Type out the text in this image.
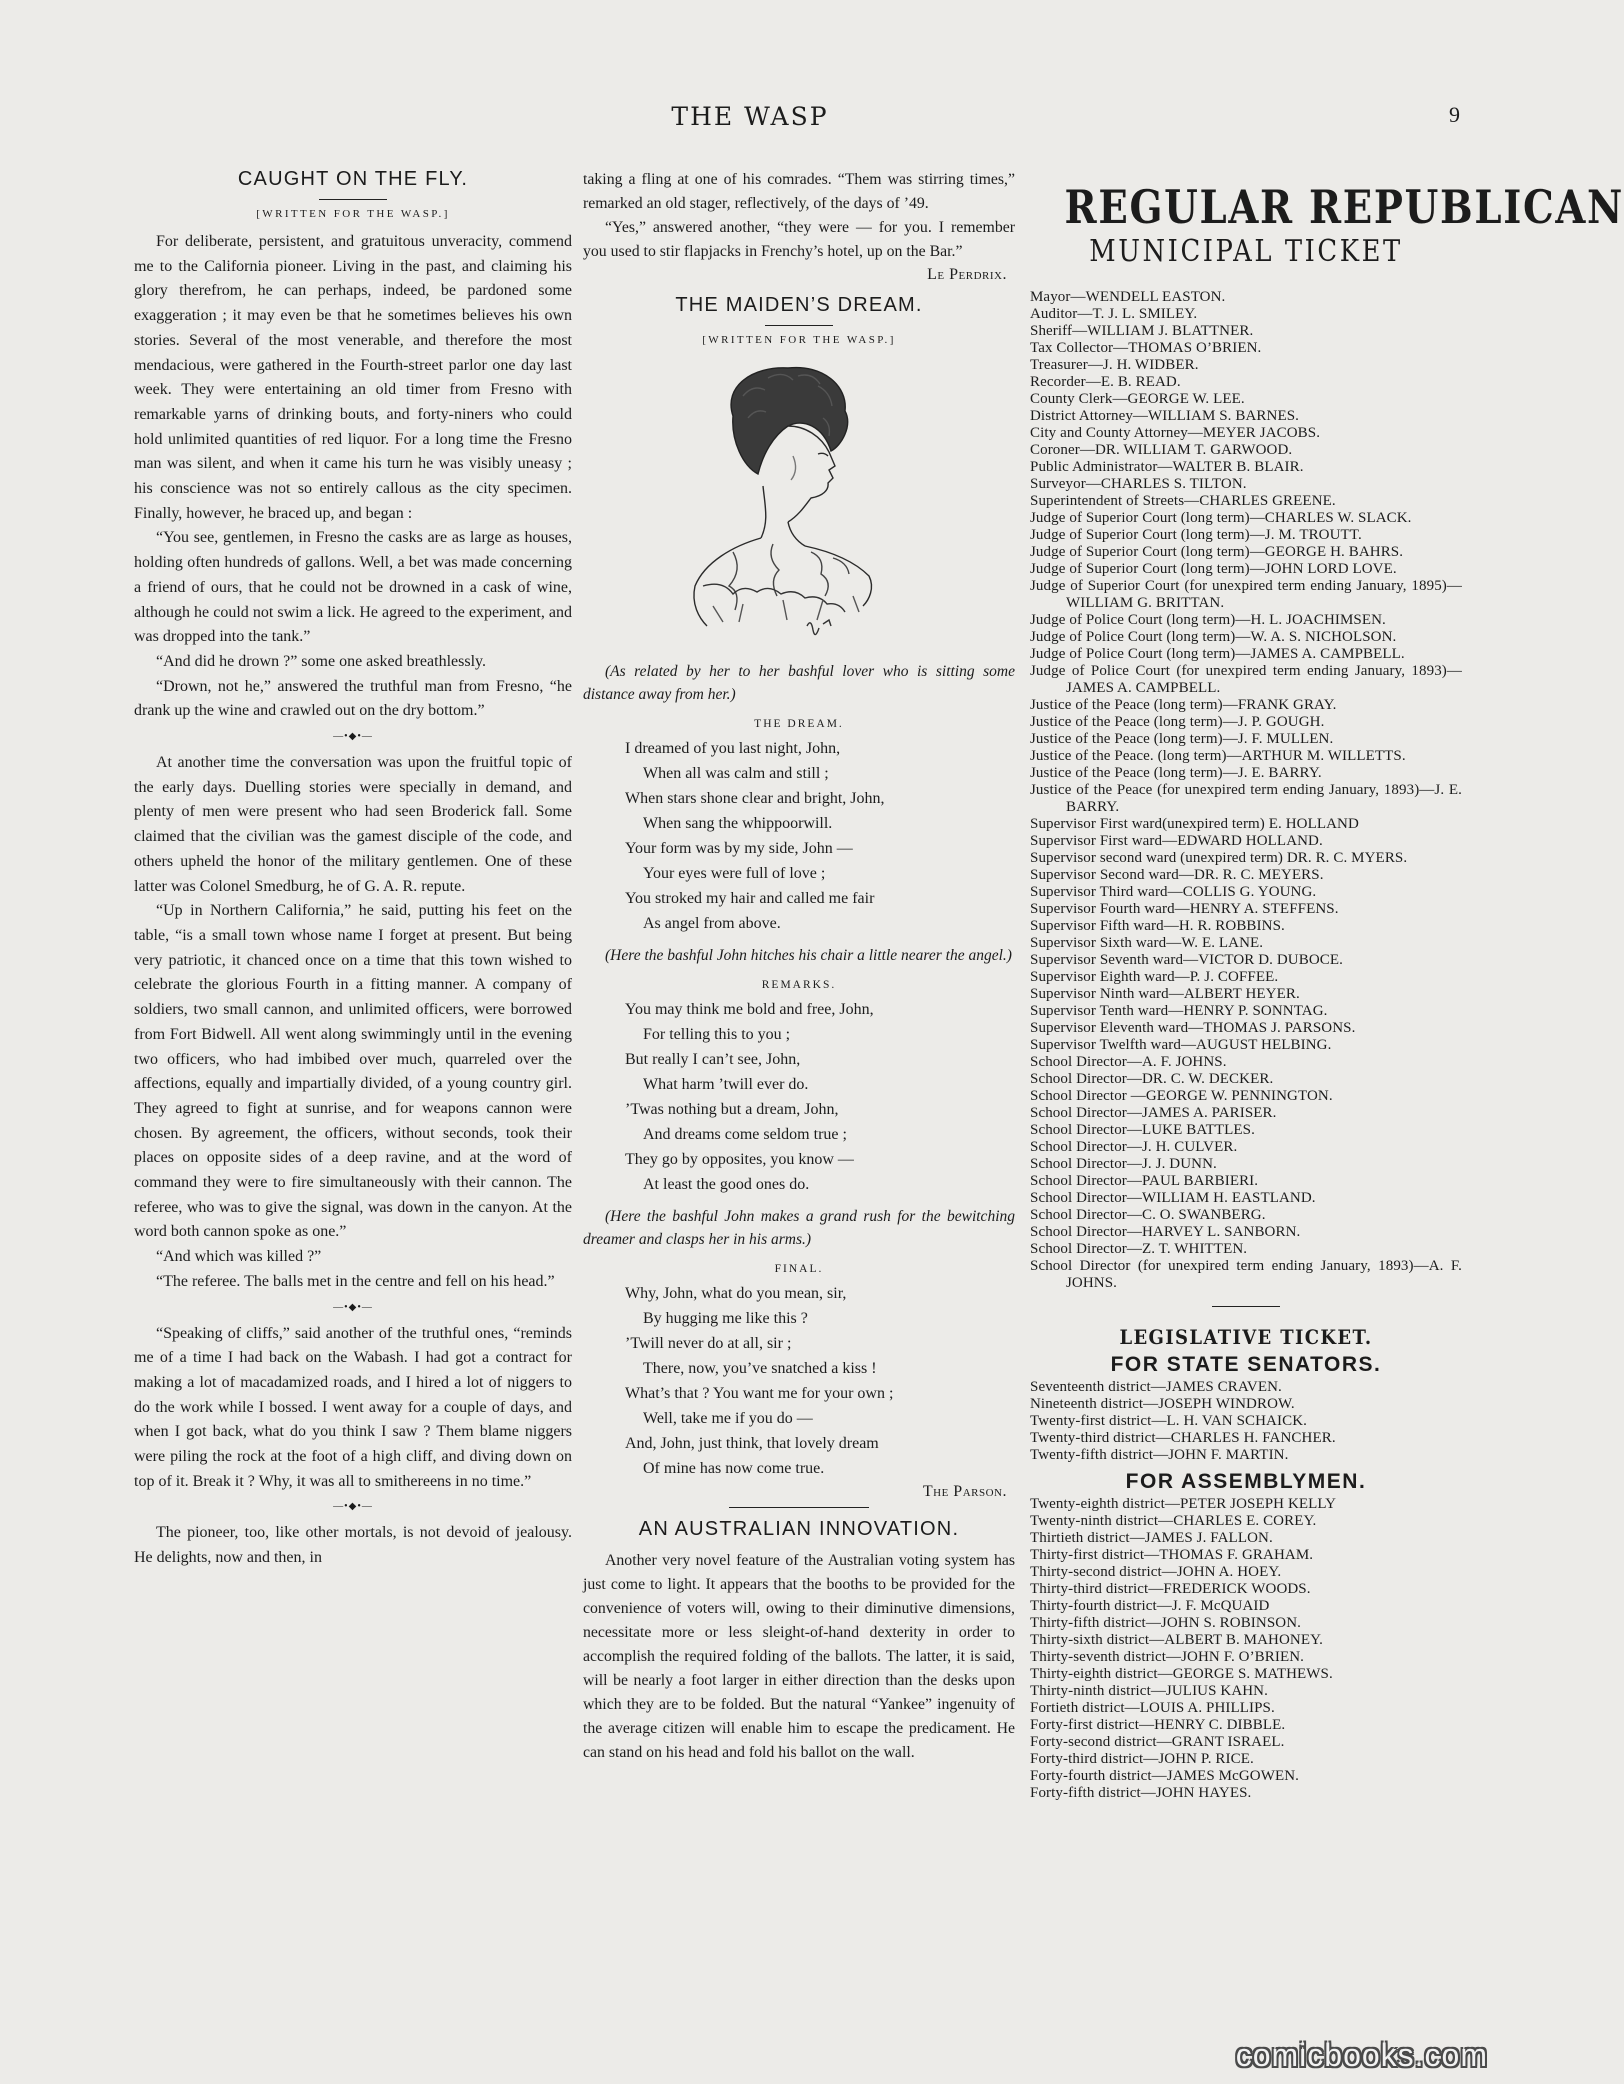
THE WASP	9
CAUGHT ON THE FLY.
[WRITTEN FOR THE WASP.]

For deliberate, persistent, and gratuitous unveracity, commend me to the California pioneer. Living in the past, and claiming his glory therefrom, he can perhaps, indeed, be pardoned some exaggeration ; it may even be that he sometimes believes his own stories. Several of the most venerable, and therefore the most mendacious, were gathered in the Fourth-street parlor one day last week. They were entertaining an old timer from Fresno with remarkable yarns of drinking bouts, and forty-niners who could hold unlimited quantities of red liquor. For a long time the Fresno man was silent, and when it came his turn he was visibly uneasy ; his conscience was not so entirely callous as the city specimen. Finally, however, he braced up, and began :

“You see, gentlemen, in Fresno the casks are as large as houses, holding often hundreds of gallons. Well, a bet was made concerning a friend of ours, that he could not be drowned in a cask of wine, although he could not swim a lick. He agreed to the experiment, and was dropped into the tank.”

“And did he drown ?” some one asked breathlessly.

“Drown, not he,” answered the truthful man from Fresno, “he drank up the wine and crawled out on the dry bottom.”

—•◆•—

At another time the conversation was upon the fruitful topic of the early days. Duelling stories were specially in demand, and plenty of men were present who had seen Broderick fall. Some claimed that the civilian was the gamest disciple of the code, and others upheld the honor of the military gentlemen. One of these latter was Colonel Smedburg, he of G. A. R. repute.

“Up in Northern California,” he said, putting his feet on the table, “is a small town whose name I forget at present. But being very patriotic, it chanced once on a time that this town wished to celebrate the glorious Fourth in a fitting manner. A company of soldiers, two small cannon, and unlimited officers, were borrowed from Fort Bidwell. All went along swimmingly until in the evening two officers, who had imbibed over much, quarreled over the affections, equally and impartially divided, of a young country girl. They agreed to fight at sunrise, and for weapons cannon were chosen. By agreement, the officers, without seconds, took their places on opposite sides of a deep ravine, and at the word of command they were to fire simultaneously with their cannon. The referee, who was to give the signal, was down in the canyon. At the word both cannon spoke as one.”

“And which was killed ?”

“The referee. The balls met in the centre and fell on his head.”

—•◆•—

“Speaking of cliffs,” said another of the truthful ones, “reminds me of a time I had back on the Wabash. I had got a contract for making a lot of macadamized roads, and I hired a lot of niggers to do the work while I bossed. I went away for a couple of days, and when I got back, what do you think I saw ? Them blame niggers were piling the rock at the foot of a high cliff, and diving down on top of it. Break it ? Why, it was all to smithereens in no time.”

—•◆•—

The pioneer, too, like other mortals, is not devoid of jealousy. He delights, now and then, in

taking a fling at one of his comrades. “Them was stirring times,” remarked an old stager, reflectively, of the days of ’49.

“Yes,” answered another, “they were — for you. I remember you used to stir flapjacks in Frenchy’s hotel, up on the Bar.”

Le Perdrix.
THE MAIDEN’S DREAM.
[WRITTEN FOR THE WASP.]
(As related by her to her bashful lover who is sitting some distance away from her.)
THE DREAM.
I dreamed of you last night, John,
When all was calm and still ;
When stars shone clear and bright, John,
When sang the whippoorwill.
Your form was by my side, John —
Your eyes were full of love ;
You stroked my hair and called me fair
As angel from above.
(Here the bashful John hitches his chair a little nearer the angel.)
REMARKS.
You may think me bold and free, John,
For telling this to you ;
But really I can’t see, John,
What harm ’twill ever do.
’Twas nothing but a dream, John,
And dreams come seldom true ;
They go by opposites, you know —
At least the good ones do.
(Here the bashful John makes a grand rush for the bewitching dreamer and clasps her in his arms.)
FINAL.
Why, John, what do you mean, sir,
By hugging me like this ?
’Twill never do at all, sir ;
There, now, you’ve snatched a kiss !
What’s that ? You want me for your own ;
Well, take me if you do —
And, John, just think, that lovely dream
Of mine has now come true.
The Parson.
AN AUSTRALIAN INNOVATION.

Another very novel feature of the Australian voting system has just come to light. It appears that the booths to be provided for the convenience of voters will, owing to their diminutive dimensions, necessitate more or less sleight-of-hand dexterity in order to accomplish the required folding of the ballots. The latter, it is said, will be nearly a foot larger in either direction than the desks upon which they are to be folded. But the natural “Yankee” ingenuity of the average citizen will enable him to escape the predicament. He can stand on his head and fold his ballot on the wall.

REGULAR REPUBLICAN
MUNICIPAL TICKET
Mayor—WENDELL EASTON.
Auditor—T. J. L. SMILEY.
Sheriff—WILLIAM J. BLATTNER.
Tax Collector—THOMAS O’BRIEN.
Treasurer—J. H. WIDBER.
Recorder—E. B. READ.
County Clerk—GEORGE W. LEE.
District Attorney—WILLIAM S. BARNES.
City and County Attorney—MEYER JACOBS.
Coroner—DR. WILLIAM T. GARWOOD.
Public Administrator—WALTER B. BLAIR.
Surveyor—CHARLES S. TILTON.
Superintendent of Streets—CHARLES GREENE.
Judge of Superior Court (long term)—CHARLES W. SLACK.
Judge of Superior Court (long term)—J. M. TROUTT.
Judge of Superior Court (long term)—GEORGE H. BAHRS.
Judge of Superior Court (long term)—JOHN LORD LOVE.
Judge of Superior Court (for unexpired term ending January, 1895)—WILLIAM G. BRITTAN.
Judge of Police Court (long term)—H. L. JOACHIMSEN.
Judge of Police Court (long term)—W. A. S. NICHOLSON.
Judge of Police Court (long term)—JAMES A. CAMPBELL.
Judge of Police Court (for unexpired term ending January, 1893)—JAMES A. CAMPBELL.
Justice of the Peace (long term)—FRANK GRAY.
Justice of the Peace (long term)—J. P. GOUGH.
Justice of the Peace (long term)—J. F. MULLEN.
Justice of the Peace. (long term)—ARTHUR M. WILLETTS.
Justice of the Peace (long term)—J. E. BARRY.
Justice of the Peace (for unexpired term ending January, 1893)—J. E. BARRY.
Supervisor First ward(unexpired term) E. HOLLAND
Supervisor First ward—EDWARD HOLLAND.
Supervisor second ward (unexpired term) DR. R. C. MYERS.
Supervisor Second ward—DR. R. C. MEYERS.
Supervisor Third ward—COLLIS G. YOUNG.
Supervisor Fourth ward—HENRY A. STEFFENS.
Supervisor Fifth ward—H. R. ROBBINS.
Supervisor Sixth ward—W. E. LANE.
Supervisor Seventh ward—VICTOR D. DUBOCE.
Supervisor Eighth ward—P. J. COFFEE.
Supervisor Ninth ward—ALBERT HEYER.
Supervisor Tenth ward—HENRY P. SONNTAG.
Supervisor Eleventh ward—THOMAS J. PARSONS.
Supervisor Twelfth ward—AUGUST HELBING.
School Director—A. F. JOHNS.
School Director—DR. C. W. DECKER.
School Director —GEORGE W. PENNINGTON.
School Director—JAMES A. PARISER.
School Director—LUKE BATTLES.
School Director—J. H. CULVER.
School Director—J. J. DUNN.
School Director—PAUL BARBIERI.
School Director—WILLIAM H. EASTLAND.
School Director—C. O. SWANBERG.
School Director—HARVEY L. SANBORN.
School Director—Z. T. WHITTEN.
School Director (for unexpired term ending January, 1893)—A. F. JOHNS.
LEGISLATIVE TICKET.
FOR STATE SENATORS.
Seventeenth district—JAMES CRAVEN.
Nineteenth district—JOSEPH WINDROW.
Twenty-first district—L. H. VAN SCHAICK.
Twenty-third district—CHARLES H. FANCHER.
Twenty-fifth district—JOHN F. MARTIN.
FOR ASSEMBLYMEN.
Twenty-eighth district—PETER JOSEPH KELLY
Twenty-ninth district—CHARLES E. COREY.
Thirtieth district—JAMES J. FALLON.
Thirty-first district—THOMAS F. GRAHAM.
Thirty-second district—JOHN A. HOEY.
Thirty-third district—FREDERICK WOODS.
Thirty-fourth district—J. F. McQUAID
Thirty-fifth district—JOHN S. ROBINSON.
Thirty-sixth district—ALBERT B. MAHONEY.
Thirty-seventh district—JOHN F. O’BRIEN.
Thirty-eighth district—GEORGE S. MATHEWS.
Thirty-ninth district—JULIUS KAHN.
Fortieth district—LOUIS A. PHILLIPS.
Forty-first district—HENRY C. DIBBLE.
Forty-second district—GRANT ISRAEL.
Forty-third district—JOHN P. RICE.
Forty-fourth district—JAMES McGOWEN.
Forty-fifth district—JOHN HAYES.
comicbooks.com
